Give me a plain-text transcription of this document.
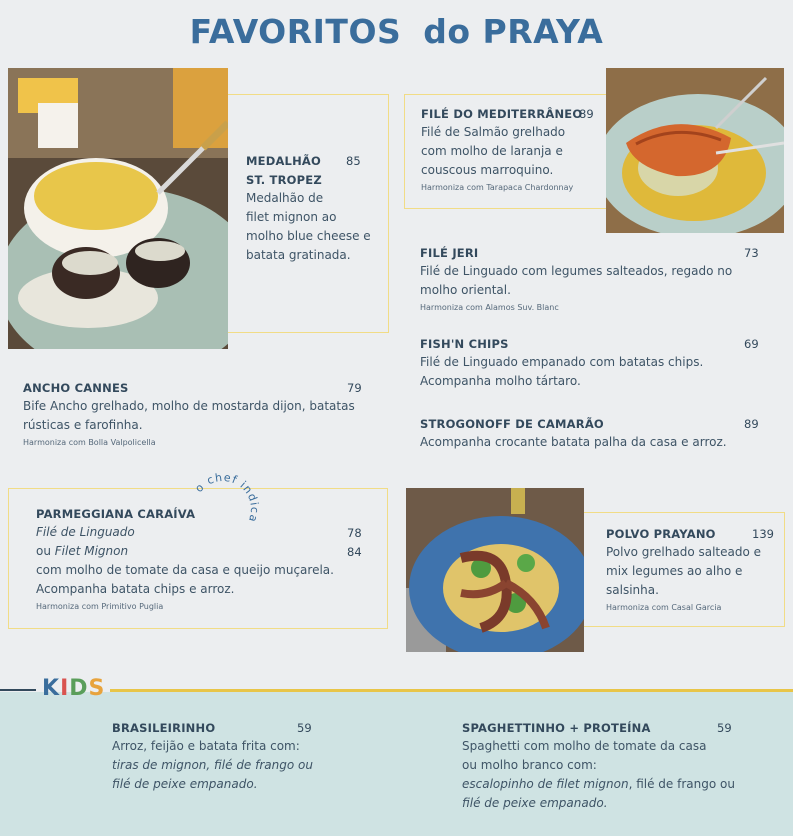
FAVORITOS do PRAYA
MEDALHÃO 85
ST. TROPEZ
Medalhão de
filet mignon ao
molho blue cheese e
batata gratinada.
FILÉ DO MEDITERRÂNEO
89
Filé de Salmão grelhado
com molho de laranja e
couscous marroquino.
Harmoniza com Tarapaca Chardonnay
FILÉ JERI	73
Filé de Linguado com legumes salteados, regado no
molho oriental.
Harmoniza com Alamos Suv. Blanc
FISH'N CHIPS	69
Filé de Linguado empanado com batatas chips.
Acompanha molho tártaro.
ANCHO CANNES	79
Bife Ancho grelhado, molho de mostarda dijon, batatas
rústicas e farofinha.
Harmoniza com Bolla Valpolicella
STROGONOFF DE CAMARÃO	89
Acompanha crocante batata palha da casa e arroz.
o chef indica
PARMEGGIANA CARAÍVA
Filé de Linguado	78
ou Filet Mignon	84
com molho de tomate da casa e queijo muçarela.
Acompanha batata chips e arroz.
Harmoniza com Primitivo Puglia
POLVO PRAYANO	139
Polvo grelhado salteado e
mix legumes ao alho e
salsinha.
Harmoniza com Casal Garcia
KIDS
BRASILEIRINHO	59
Arroz, feijão e batata frita com:
tiras de mignon, filé de frango ou
filé de peixe empanado.
SPAGHETTINHO + PROTEÍNA	59
Spaghetti com molho de tomate da casa
ou molho branco com:
escalopinho de filet mignon, filé de frango ou
filé de peixe empanado.
